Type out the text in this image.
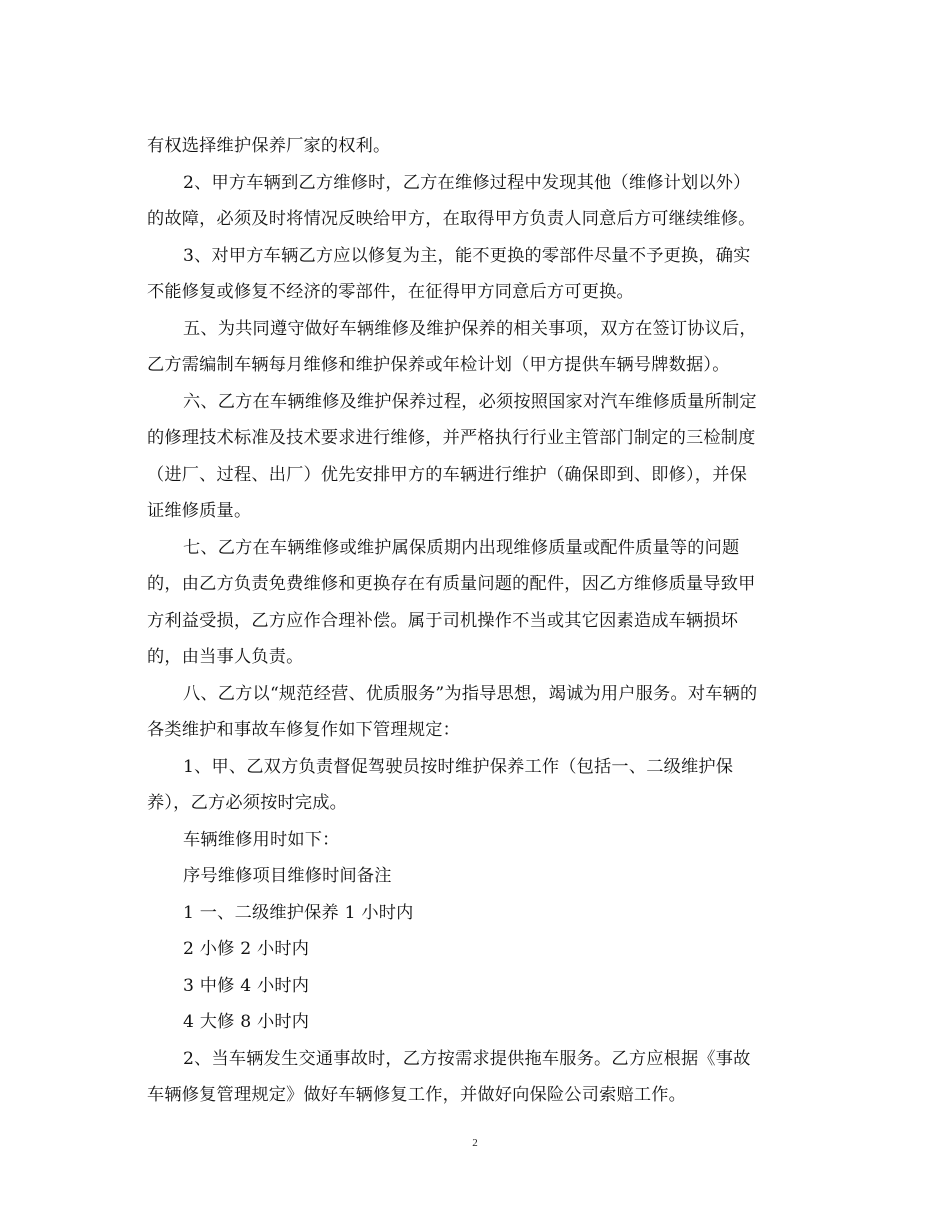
有权选择维护保养厂家的权利。
2、甲方车辆到乙方维修时，乙方在维修过程中发现其他（维修计划以外）
的故障，必须及时将情况反映给甲方，在取得甲方负责人同意后方可继续维修。
3、对甲方车辆乙方应以修复为主，能不更换的零部件尽量不予更换，确实
不能修复或修复不经济的零部件，在征得甲方同意后方可更换。
五、为共同遵守做好车辆维修及维护保养的相关事项，双方在签订协议后，
乙方需编制车辆每月维修和维护保养或年检计划（甲方提供车辆号牌数据）。
六、乙方在车辆维修及维护保养过程，必须按照国家对汽车维修质量所制定
的修理技术标准及技术要求进行维修，并严格执行行业主管部门制定的三检制度
（进厂、过程、出厂）优先安排甲方的车辆进行维护（确保即到、即修），并保
证维修质量。
七、乙方在车辆维修或维护属保质期内出现维修质量或配件质量等的问题
的，由乙方负责免费维修和更换存在有质量问题的配件，因乙方维修质量导致甲
方利益受损，乙方应作合理补偿。属于司机操作不当或其它因素造成车辆损坏
的，由当事人负责。
八、乙方以“规范经营、优质服务”为指导思想，竭诚为用户服务。对车辆的
各类维护和事故车修复作如下管理规定：
1、甲、乙双方负责督促驾驶员按时维护保养工作（包括一、二级维护保
养），乙方必须按时完成。
车辆维修用时如下：
序号维修项目维修时间备注
1 一、二级维护保养 1 小时内
2 小修 2 小时内
3 中修 4 小时内
4 大修 8 小时内
2、当车辆发生交通事故时，乙方按需求提供拖车服务。乙方应根据《事故
车辆修复管理规定》做好车辆修复工作，并做好向保险公司索赔工作。
2
